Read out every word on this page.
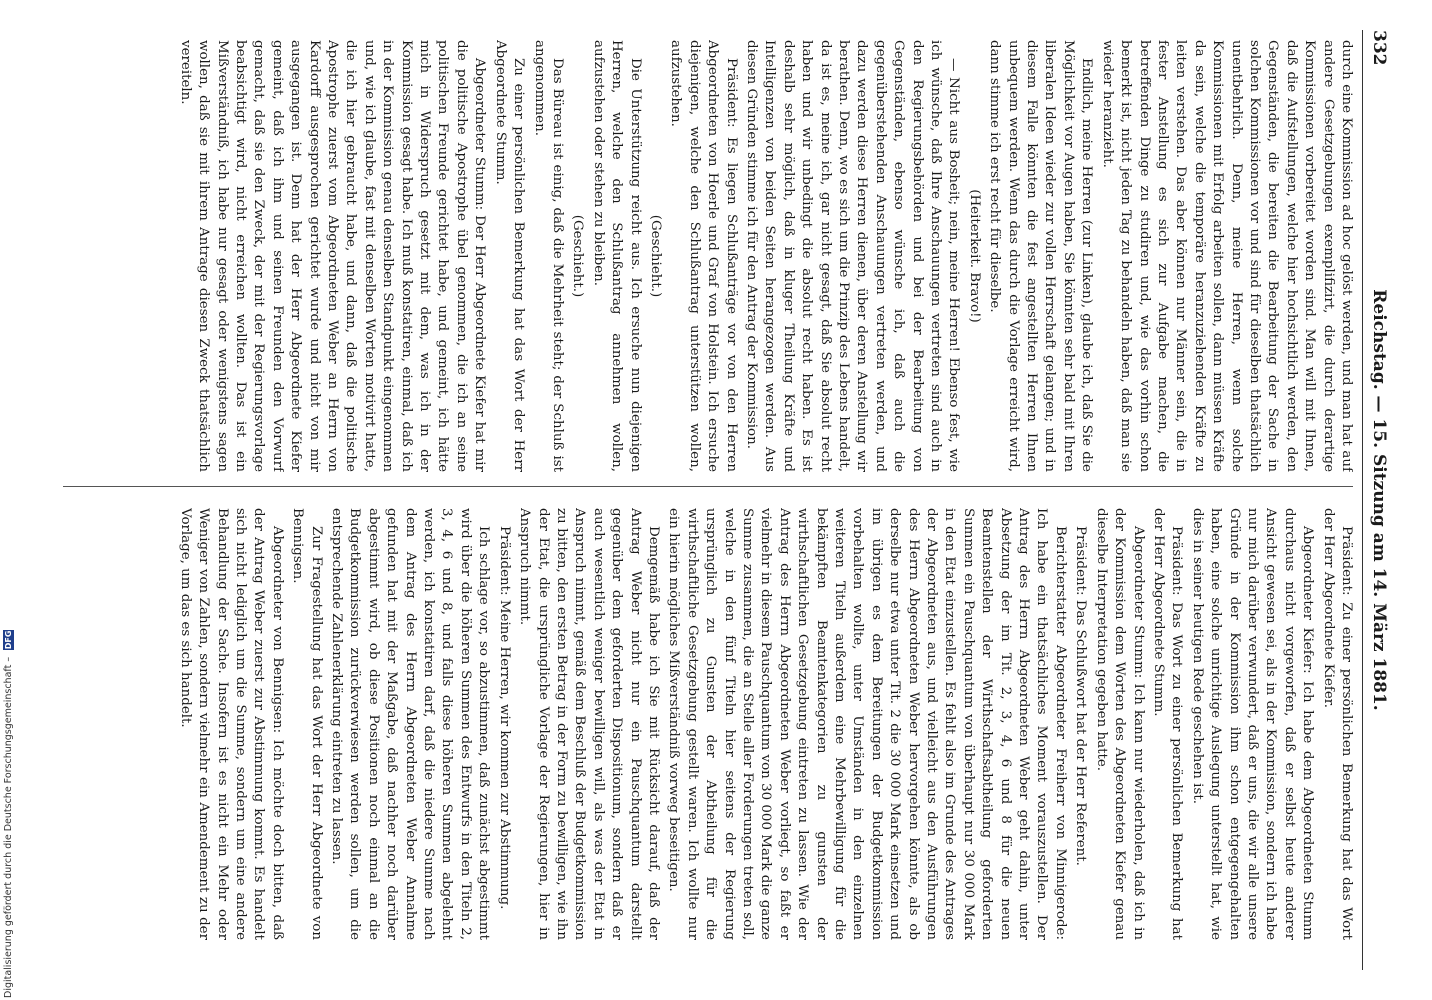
332
Reichstag. — 15. Sitzung am 14. März 1881.

durch eine Kommission ad hoc gelöst werden, und man hat auf andere Gesetzgebungen exemplifizirt, die durch derartige Kommissionen vorbereitet worden sind. Man will mit Ihnen, daß die Aufstellungen, welche hier hochsichtlich werden, den Gegenständen, die bereiten die Bearbeitung der Sache in solchen Kommissionen vor und sind für dieselben thatsächlich unentbehrlich. Denn, meine Herren, wenn solche Kommissionen mit Erfolg arbeiten sollen, dann müssen Kräfte da sein, welche die temporäre heranzuziehenden Kräfte zu leiten verstehen. Das aber können nur Männer sein, die in fester Anstellung es sich zur Aufgabe machen, die betreffenden Dinge zu studiren und, wie das vorhin schon bemerkt ist, nicht jeden Tag zu behandeln haben, daß man sie wieder heranzieht.

Endlich, meine Herren (zur Linken), glaube ich, daß Sie die Möglichkeit vor Augen haben, Sie könnten sehr bald mit Ihren liberalen Ideen wieder zur vollen Herrschaft gelangen; und in diesem Falle könnten die fest angestellten Herren Ihnen unbequem werden. Wenn das durch die Vorlage erreicht wird, dann stimme ich erst recht für dieselbe.

(Heiterkeit. Bravo!)

— Nicht aus Bosheit; nein, meine Herren! Ebenso fest, wie ich wünsche, daß Ihre Anschauungen vertreten sind auch in den Regierungsbehörden und bei der Bearbeitung von Gegenständen, ebenso wünsche ich, daß auch die gegenüberstehenden Anschauungen vertreten werden, und dazu werden diese Herren dienen, über deren Anstellung wir berathen. Denn, wo es sich um die Prinzip des Lebens handelt, da ist es, meine ich, gar nicht gesagt, daß Sie absolut recht haben und wir unbedingt die absolut recht haben. Es ist deshalb sehr möglich, daß in kluger Theilung Kräfte und Intelligenzen von beiden Seiten herangezogen werden. Aus diesen Gründen stimme ich für den Antrag der Kommission.

Präsident: Es liegen Schlußanträge vor von den Herren Abgeordneten von Hoerle und Graf von Holstein. Ich ersuche diejenigen, welche den Schlußantrag unterstützen wollen, aufzustehen.

(Geschieht.)

Die Unterstützung reicht aus. Ich ersuche nun diejenigen Herren, welche den Schlußantrag annehmen wollen, aufzustehen oder stehen zu bleiben.

(Geschieht.)

Das Büreau ist einig, daß die Mehrheit steht; der Schluß ist angenommen.

Zu einer persönlichen Bemerkung hat das Wort der Herr Abgeordnete Stumm.

Abgeordneter Stumm: Der Herr Abgeordnete Kiefer hat mir die politische Apostrophe übel genommen, die ich an seine politischen Freunde gerichtet habe, und gemeint, ich hätte mich in Widerspruch gesetzt mit dem, was ich in der Kommission gesagt habe. Ich muß konstatiren, einmal, daß ich in der Kommission genau denselben Standpunkt eingenommen und, wie ich glaube, fast mit denselben Worten motivirt hatte, die ich hier gebraucht habe, und dann, daß die politische Apostrophe zuerst vom Abgeordneten Weber an Herrn von Kardorff ausgesprochen gerichtet wurde und nicht von mir ausgegangen ist. Denn hat der Herr Abgeordnete Kiefer gemeint, daß ich ihm und seinen Freunden den Vorwurf gemacht, daß sie den Zweck, der mit der Regierungsvorlage beabsichtigt wird, nicht erreichen wollten. Das ist ein Mißverständniß, ich habe nur gesagt oder wenigstens sagen wollen, daß sie mit ihrem Antrage diesen Zweck thatsächlich vereiteln.

Präsident: Zu einer persönlichen Bemerkung hat das Wort der Herr Abgeordnete Kiefer.

Abgeordneter Kiefer: Ich habe dem Abgeordneten Stumm durchaus nicht vorgeworfen, daß er selbst heute anderer Ansicht gewesen sei, als in der Kommission, sondern ich habe nur mich darüber verwundert, daß er uns, die wir alle unsere Gründe in der Kommission ihm schon entgegengehalten haben, eine solche unrichtige Auslegung unterstellt hat, wie dies in seiner heutigen Rede geschehen ist.

Präsident: Das Wort zu einer persönlichen Bemerkung hat der Herr Abgeordnete Stumm.

Abgeordneter Stumm: Ich kann nur wiederholen, daß ich in der Kommission dem Worten des Abgeordneten Kiefer genau dieselbe Interpretation gegeben hatte.

Präsident: Das Schlußwort hat der Herr Referent.

Berichterstatter Abgeordneter Freiherr von Minnigerode: Ich habe ein thatsächliches Moment vorauszustellen. Der Antrag des Herrn Abgeordneten Weber geht dahin, unter Absetzung der im Tit. 2, 3, 4, 6 und 8 für die neuen Beamtenstellen der Wirthschaftsabtheilung geforderten Summen ein Pauschquantum von überhaupt nur 30 000 Mark in den Etat einzustellen. Es fehlt also im Grunde des Antrages der Abgeordneten aus, und vielleicht aus den Ausführungen des Herrn Abgeordneten Weber hervorgehen könnte, als ob derselbe nur etwa unter Tit. 2 die 30 000 Mark einsetzen und im übrigen es dem Bereitungen der Budgetkommission vorbehalten wollte, unter Umständen in den einzelnen weiteren Titeln außerdem eine Mehrbewilligung für die bekämpften Beamtenkategorien zu gunsten der wirthschaftlichen Gesetzgebung eintreten zu lassen. Wie der Antrag des Herrn Abgeordneten Weber vorliegt, so faßt er vielmehr in diesem Pauschquantum von 30 000 Mark die ganze Summe zusammen, die an Stelle aller Forderungen treten soll, welche in den fünf Titeln hier seitens der Regierung ursprünglich zu Gunsten der Abtheilung für die wirthschaftliche Gesetzgebung gestellt waren. Ich wollte nur ein hierin mögliches Mißverständniß vorweg beseitigen.

Demgemäß habe ich Sie mit Rücksicht darauf, daß der Antrag Weber nicht nur ein Pauschquantum darstellt gegenüber dem geforderten Dispositionum, sondern daß er auch wesentlich weniger bewilligen will, als was der Etat in Anspruch nimmt, gemäß dem Beschluß der Budgetkommission zu bitten, den ersten Betrag in der Form zu bewilligen, wie ihn der Etat, die ursprüngliche Vorlage der Regierungen, hier in Anspruch nimmt.

Präsident: Meine Herren, wir kommen zur Abstimmung.

Ich schlage vor, so abzustimmen, daß zunächst abgestimmt wird über die höheren Summen des Entwurfs in den Titeln 2, 3, 4, 6 und 8, und falls diese höheren Summen abgelehnt werden, ich konstatiren darf, daß die niedere Summe nach dem Antrag des Herrn Abgeordneten Weber Annahme gefunden hat mit der Maßgabe, daß nachher noch darüber abgestimmt wird, ob diese Positionen noch einmal an die Budgetkommission zurückverwiesen werden sollen, um die entsprechende Zahlenerklärung eintreten zu lassen.

Zur Fragestellung hat das Wort der Herr Abgeordnete von Bennigsen.

Abgeordneter von Bennigsen: Ich möchte doch bitten, daß der Antrag Weber zuerst zur Abstimmung kommt. Es handelt sich nicht lediglich um die Summe, sondern um eine andere Behandlung der Sache. Insofern ist es nicht ein Mehr oder Weniger von Zahlen, sondern vielmehr ein Amendement zu der Vorlage, um das es sich handelt.

Digitalisierung gefördert durch die Deutsche Forschungsgemeinschaft – DFG
